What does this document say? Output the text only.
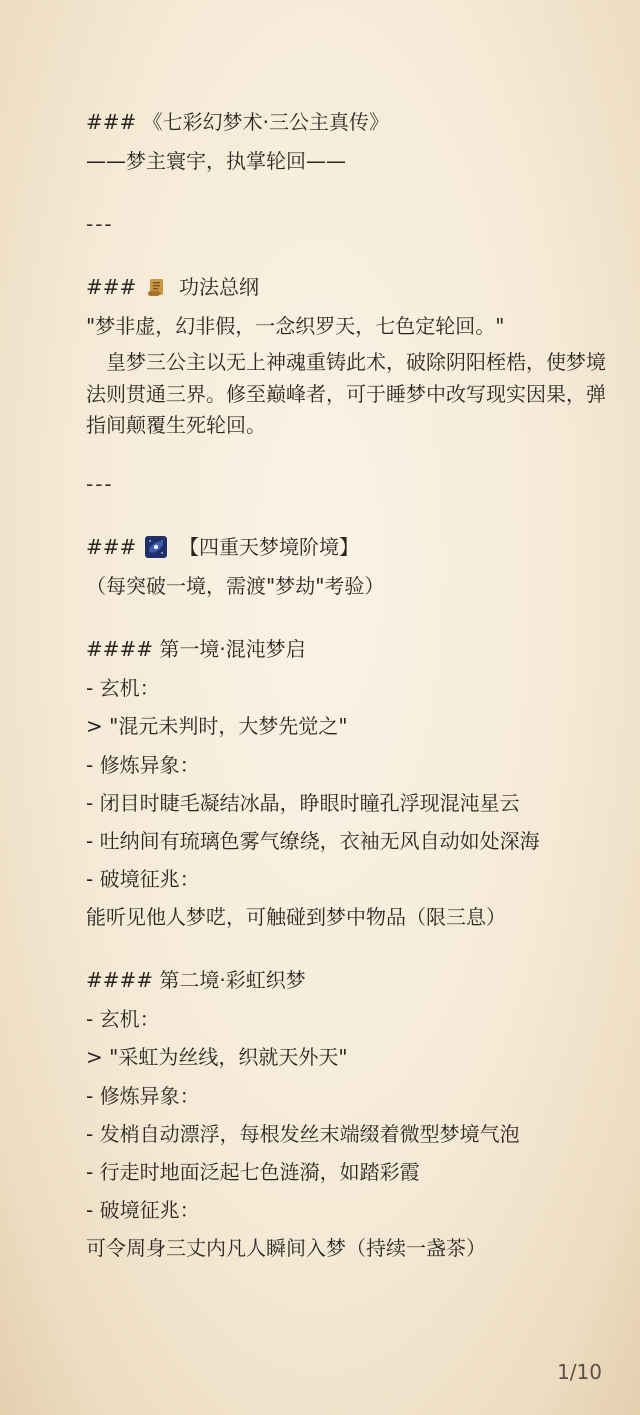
### 《七彩幻梦术·三公主真传》
——梦主寰宇，执掌轮回——
---
### 功法总纲
"梦非虚，幻非假，一念织罗天，七色定轮回。"
　皇梦三公主以无上神魂重铸此术，破除阴阳桎梏，使梦境法则贯通三界。修至巅峰者，可于睡梦中改写现实因果，弹指间颠覆生死轮回。
---
### 【四重天梦境阶境】
（每突破一境，需渡"梦劫"考验）
#### 第一境·混沌梦启
- 玄机：
> "混元未判时，大梦先觉之"
- 修炼异象：
- 闭目时睫毛凝结冰晶，睁眼时瞳孔浮现混沌星云
- 吐纳间有琉璃色雾气缭绕，衣袖无风自动如处深海
- 破境征兆：
能听见他人梦呓，可触碰到梦中物品（限三息）
#### 第二境·彩虹织梦
- 玄机：
> "采虹为丝线，织就天外天"
- 修炼异象：
- 发梢自动漂浮，每根发丝末端缀着微型梦境气泡
- 行走时地面泛起七色涟漪，如踏彩霞
- 破境征兆：
可令周身三丈内凡人瞬间入梦（持续一盏茶）
1/10
